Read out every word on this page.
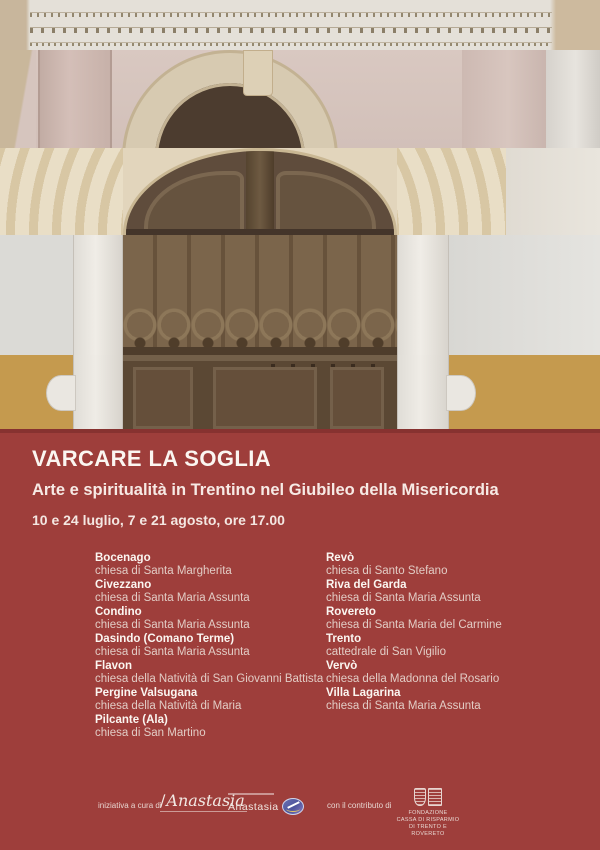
VARCARE LA SOGLIA
Arte e spiritualità in Trentino nel Giubileo della Misericordia
10 e 24 luglio, 7 e 21 agosto, ore 17.00
Bocenago
chiesa di Santa Margherita
Civezzano
chiesa di Santa Maria Assunta
Condino
chiesa di Santa Maria Assunta
Dasindo (Comano Terme)
chiesa di Santa Maria Assunta
Flavon
chiesa della Natività di San Giovanni Battista
Pergine Valsugana
chiesa della Natività di Maria
Pilcante (Ala)
chiesa di San Martino
Revò
chiesa di Santo Stefano
Riva del Garda
chiesa di Santa Maria Assunta
Rovereto
chiesa di Santa Maria del Carmine
Trento
cattedrale di San Vigilio
Vervò
chiesa della Madonna del Rosario
Villa Lagarina
chiesa di Santa Maria Assunta
iniziativa a cura di ∕ Anastasia
Anastasia	con il contributo di
FONDAZIONE
CASSA DI RISPARMIO
DI TRENTO E ROVERETO
